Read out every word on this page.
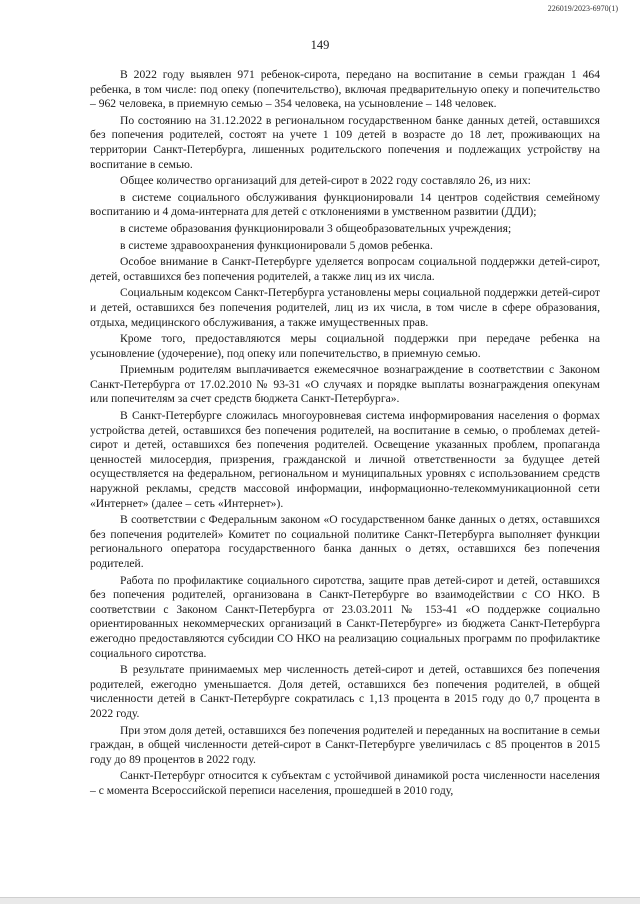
226019/2023-6970(1)
149

В 2022 году выявлен 971 ребенок-сирота, передано на воспитание в семьи граждан 1 464 ребенка, в том числе: под опеку (попечительство), включая предварительную опеку и попечительство – 962 человека, в приемную семью – 354 человека, на усыновление – 148 человек.

По состоянию на 31.12.2022 в региональном государственном банке данных детей, оставшихся без попечения родителей, состоят на учете 1 109 детей в возрасте до 18 лет, проживающих на территории Санкт-Петербурга, лишенных родительского попечения и подлежащих устройству на воспитание в семью.

Общее количество организаций для детей-сирот в 2022 году составляло 26, из них:

в системе социального обслуживания функционировали 14 центров содействия семейному воспитанию и 4 дома-интерната для детей с отклонениями в умственном развитии (ДДИ);

в системе образования функционировали 3 общеобразовательных учреждения;

в системе здравоохранения функционировали 5 домов ребенка.

Особое внимание в Санкт-Петербурге уделяется вопросам социальной поддержки детей-сирот, детей, оставшихся без попечения родителей, а также лиц из их числа.

Социальным кодексом Санкт-Петербурга установлены меры социальной поддержки детей-сирот и детей, оставшихся без попечения родителей, лиц из их числа, в том числе в сфере образования, отдыха, медицинского обслуживания, а также имущественных прав.

Кроме того, предоставляются меры социальной поддержки при передаче ребенка на усыновление (удочерение), под опеку или попечительство, в приемную семью.

Приемным родителям выплачивается ежемесячное вознаграждение в соответствии с Законом Санкт-Петербурга от 17.02.2010 № 93-31 «О случаях и порядке выплаты вознаграждения опекунам или попечителям за счет средств бюджета Санкт-Петербурга».

В Санкт-Петербурге сложилась многоуровневая система информирования населения о формах устройства детей, оставшихся без попечения родителей, на воспитание в семью, о проблемах детей-сирот и детей, оставшихся без попечения родителей. Освещение указанных проблем, пропаганда ценностей милосердия, призрения, гражданской и личной ответственности за будущее детей осуществляется на федеральном, региональном и муниципальных уровнях с использованием средств наружной рекламы, средств массовой информации, информационно-телекоммуникационной сети «Интернет» (далее – сеть «Интернет»).

В соответствии с Федеральным законом «О государственном банке данных о детях, оставшихся без попечения родителей» Комитет по социальной политике Санкт-Петербурга выполняет функции регионального оператора государственного банка данных о детях, оставшихся без попечения родителей.

Работа по профилактике социального сиротства, защите прав детей-сирот и детей, оставшихся без попечения родителей, организована в Санкт-Петербурге во взаимодействии с СО НКО. В соответствии с Законом Санкт-Петербурга от 23.03.2011 № 153-41 «О поддержке социально ориентированных некоммерческих организаций в Санкт-Петербурге» из бюджета Санкт-Петербурга ежегодно предоставляются субсидии СО НКО на реализацию социальных программ по профилактике социального сиротства.

В результате принимаемых мер численность детей-сирот и детей, оставшихся без попечения родителей, ежегодно уменьшается. Доля детей, оставшихся без попечения родителей, в общей численности детей в Санкт-Петербурге сократилась с 1,13 процента в 2015 году до 0,7 процента в 2022 году.

При этом доля детей, оставшихся без попечения родителей и переданных на воспитание в семьи граждан, в общей численности детей-сирот в Санкт-Петербурге увеличилась с 85 процентов в 2015 году до 89 процентов в 2022 году.

Санкт-Петербург относится к субъектам с устойчивой динамикой роста численности населения – с момента Всероссийской переписи населения, прошедшей в 2010 году,
